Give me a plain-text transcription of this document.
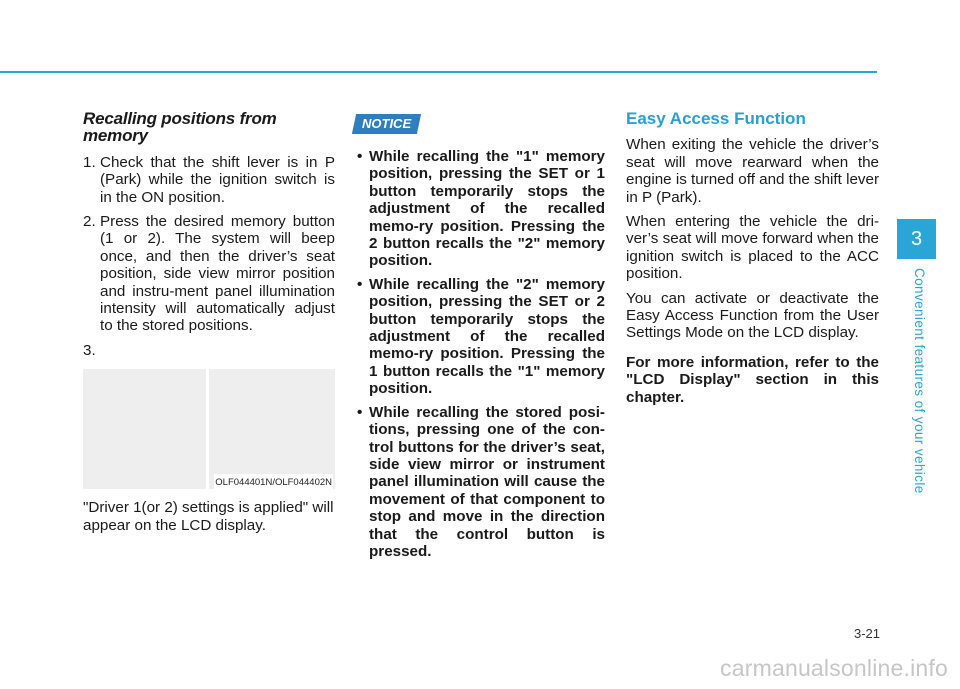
Recalling positions from memory
1. Check that the shift lever is in P (Park) while the ignition switch is in the ON position.
2. Press the desired memory button (1 or 2). The system will beep once, and then the driver’s seat position, side view mirror position and instru-ment panel illumination intensity will automatically adjust to the stored positions.
3.
OLF044401N/OLF044402N
"Driver 1(or 2) settings is applied" will appear on the LCD display.
NOTICE
• While recalling the "1" memory position, pressing the SET or 1 button temporarily stops the adjustment of the recalled memo-ry position. Pressing the 2 button recalls the "2" memory position.
• While recalling the "2" memory position, pressing the SET or 2 button temporarily stops the adjustment of the recalled memo-ry position. Pressing the 1 button recalls the "1" memory position.
• While recalling the stored posi-tions, pressing one of the con-trol buttons for the driver’s seat, side view mirror or instrument panel illumination will cause the movement of that component to stop and move in the direction that the control button is pressed.
Easy Access Function
When exiting the vehicle the driver’s seat will move rearward when the engine is turned off and the shift lever in P (Park).
When entering the vehicle the dri-ver’s seat will move forward when the ignition switch is placed to the ACC position.
You can activate or deactivate the Easy Access Function from the User Settings Mode on the LCD display.
For more information, refer to the "LCD Display" section in this chapter.
3
Convenient features of your vehicle
3-21
carmanualsonline.info
